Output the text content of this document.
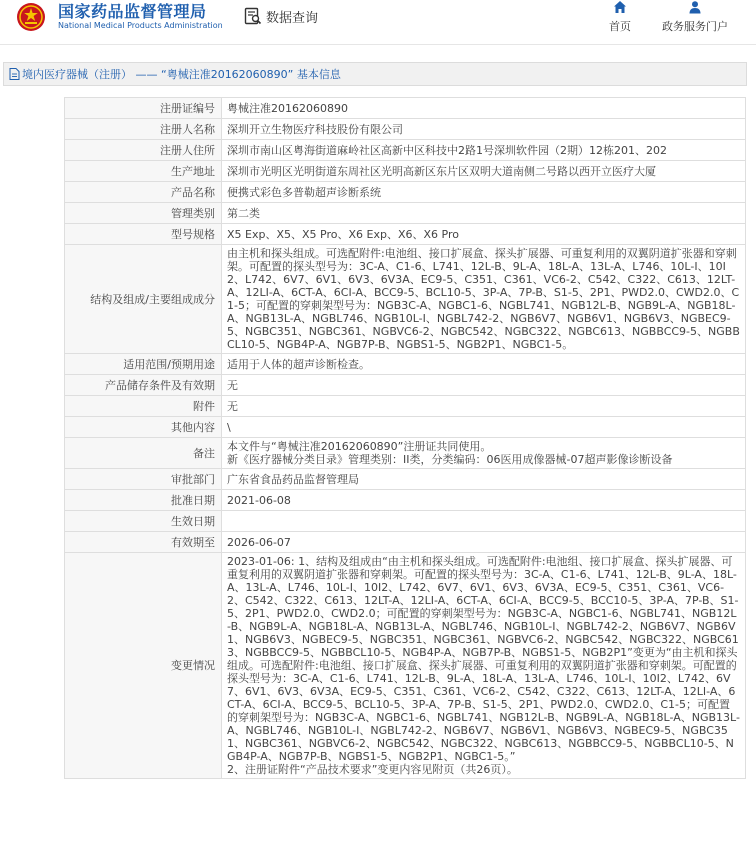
国家药品监督管理局
National Medical Products Administration	数据查询
首页	政务服务门户
境内医疗器械（注册） —— “粤械注准20162060890” 基本信息
注册证编号	粤械注准20162060890
注册人名称	深圳开立生物医疗科技股份有限公司
注册人住所	深圳市南山区粤海街道麻岭社区高新中区科技中2路1号深圳软件园（2期）12栋201、202
生产地址	深圳市光明区光明街道东周社区光明高新区东片区双明大道南侧二号路以西开立医疗大厦
产品名称	便携式彩色多普勒超声诊断系统
管理类别	第二类
型号规格	X5 Exp、X5、X5 Pro、X6 Exp、X6、X6 Pro
结构及组成/主要组成成分	由主机和探头组成。可选配附件:电池组、接口扩展盒、探头扩展器、可重复利用的双翼阴道扩张器和穿刺架。可配置的探头型号为：3C-A、C1-6、L741、12L-B、9L-A、18L-A、13L-A、L746、10L-I、10I2、L742、6V7、6V1、6V3、6V3A、EC9-5、C351、C361、VC6-2、C542、C322、C613、12LT-A、12LI-A、6CT-A、6CI-A、BCC9-5、BCL10-5、3P-A、7P-B、S1-5、2P1、PWD2.0、CWD2.0、C1-5；可配置的穿刺架型号为：NGB3C-A、NGBC1-6、NGBL741、NGB12L-B、NGB9L-A、NGB18L-A、NGB13L-A、NGBL746、NGB10L-I、NGBL742-2、NGB6V7、NGB6V1、NGB6V3、NGBEC9-5、NGBC351、NGBC361、NGBVC6-2、NGBC542、NGBC322、NGBC613、NGBBCC9-5、NGBBCL10-5、NGB4P-A、NGB7P-B、NGBS1-5、NGB2P1、NGBC1-5。
适用范围/预期用途	适用于人体的超声诊断检查。
产品储存条件及有效期	无
附件	无
其他内容	\
备注	本文件与“粤械注准20162060890”注册证共同使用。
新《医疗器械分类目录》管理类别：II类，分类编码：06医用成像器械-07超声影像诊断设备
审批部门	广东省食品药品监督管理局
批准日期	2021-06-08
生效日期	
有效期至	2026-06-07
变更情况	2023-01-06: 1、结构及组成由“由主机和探头组成。可选配附件:电池组、接口扩展盒、探头扩展器、可重复利用的双翼阴道扩张器和穿刺架。可配置的探头型号为：3C-A、C1-6、L741、12L-B、9L-A、18L-A、13L-A、L746、10L-I、10I2、L742、6V7、6V1、6V3、6V3A、EC9-5、C351、C361、VC6-2、C542、C322、C613、12LT-A、12LI-A、6CT-A、6CI-A、BCC9-5、BCC10-5、3P-A、7P-B、S1-5、2P1、PWD2.0、CWD2.0；可配置的穿刺架型号为：NGB3C-A、NGBC1-6、NGBL741、NGB12L-B、NGB9L-A、NGB18L-A、NGB13L-A、NGBL746、NGB10L-I、NGBL742-2、NGB6V7、NGB6V1、NGB6V3、NGBEC9-5、NGBC351、NGBC361、NGBVC6-2、NGBC542、NGBC322、NGBC613、NGBBCC9-5、NGBBCL10-5、NGB4P-A、NGB7P-B、NGBS1-5、NGB2P1”变更为“由主机和探头组成。可选配附件:电池组、接口扩展盒、探头扩展器、可重复利用的双翼阴道扩张器和穿刺架。可配置的探头型号为：3C-A、C1-6、L741、12L-B、9L-A、18L-A、13L-A、L746、10L-I、10I2、L742、6V7、6V1、6V3、6V3A、EC9-5、C351、C361、VC6-2、C542、C322、C613、12LT-A、12LI-A、6CT-A、6CI-A、BCC9-5、BCL10-5、3P-A、7P-B、S1-5、2P1、PWD2.0、CWD2.0、C1-5；可配置的穿刺架型号为：NGB3C-A、NGBC1-6、NGBL741、NGB12L-B、NGB9L-A、NGB18L-A、NGB13L-A、NGBL746、NGB10L-I、NGBL742-2、NGB6V7、NGB6V1、NGB6V3、NGBEC9-5、NGBC351、NGBC361、NGBVC6-2、NGBC542、NGBC322、NGBC613、NGBBCC9-5、NGBBCL10-5、NGB4P-A、NGB7P-B、NGBS1-5、NGB2P1、NGBC1-5。”
2、注册证附件“产品技术要求”变更内容见附页（共26页）。
